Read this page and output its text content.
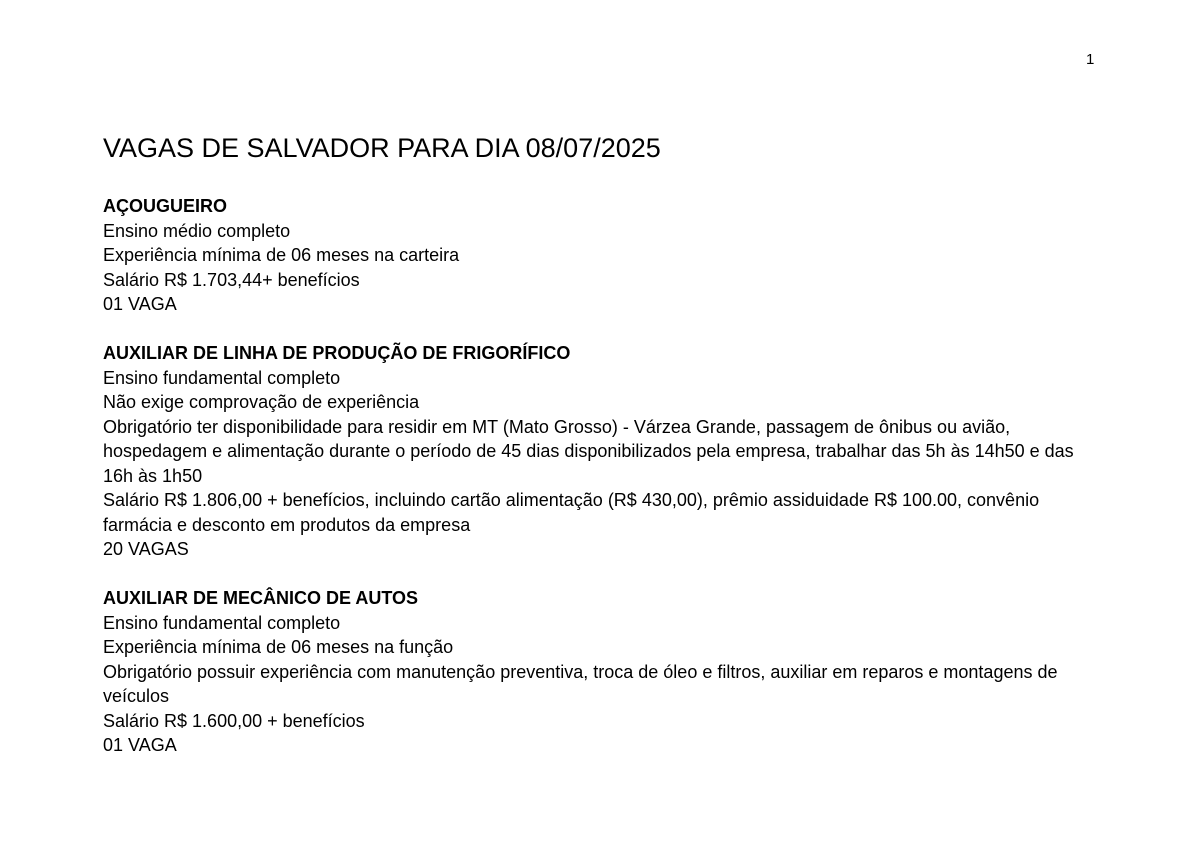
1
VAGAS DE SALVADOR PARA DIA 08/07/2025
AÇOUGUEIRO
Ensino médio completo
Experiência mínima de 06 meses na carteira
Salário R$ 1.703,44+ benefícios
01 VAGA
AUXILIAR DE LINHA DE PRODUÇÃO DE FRIGORÍFICO
Ensino fundamental completo
Não exige comprovação de experiência
Obrigatório ter disponibilidade para residir em MT (Mato Grosso) - Várzea Grande, passagem de ônibus ou avião, hospedagem e alimentação durante o período de 45 dias disponibilizados pela empresa, trabalhar das 5h às 14h50 e das 16h às 1h50
Salário R$ 1.806,00 + benefícios, incluindo cartão alimentação (R$ 430,00), prêmio assiduidade R$ 100.00, convênio farmácia e desconto em produtos da empresa
20 VAGAS
AUXILIAR DE MECÂNICO DE AUTOS
Ensino fundamental completo
Experiência mínima de 06 meses na função
Obrigatório possuir experiência com manutenção preventiva, troca de óleo e filtros, auxiliar em reparos e montagens de veículos
Salário R$ 1.600,00 + benefícios
01 VAGA
